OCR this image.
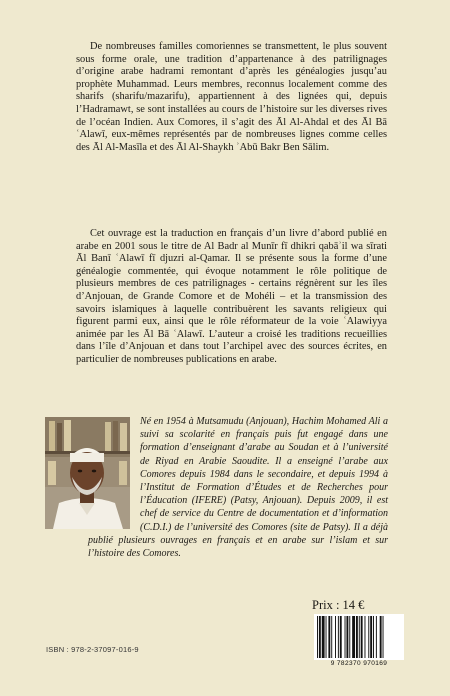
De nombreuses familles comoriennes se transmettent, le plus souvent sous forme orale, une tradition d’appartenance à des patrilignages d’origine arabe hadrami remontant d’après les généalogies jusqu’au prophète Muhammad. Leurs membres, reconnus localement comme des sharifs (sharifu/mazarifu), appartiennent à des lignées qui, depuis l’Hadramawt, se sont installées au cours de l’histoire sur les diverses rives de l’océan Indien. Aux Comores, il s’agit des Āl Al-Ahdal et des Āl Bā ʿAlawī, eux-mêmes représentés par de nombreuses lignes comme celles des Āl Al-Masīla et des Āl Al-Shaykh ʾAbū Bakr Ben Sālim.

Cet ouvrage est la traduction en français d’un livre d’abord publié en arabe en 2001 sous le titre de Al Badr al Munīr fī dhikri qabāʾil wa sīrati Āl Banī ʿAlawī fī djuzri al-Qamar. Il se présente sous la forme d’une généalogie commentée, qui évoque notamment le rôle politique de plusieurs membres de ces patrilignages - certains régnèrent sur les îles d’Anjouan, de Grande Comore et de Mohéli – et la transmission des savoirs islamiques à laquelle contribuèrent les savants religieux qui figurent parmi eux, ainsi que le rôle réformateur de la voie ʿAlawiyya animée par les Āl Bā ʿAlawī. L’auteur a croisé les traditions recueillies dans l’île d’Anjouan et dans tout l’archipel avec des sources écrites, en particulier de nombreuses publications en arabe.

Né en 1954 à Mutsamudu (Anjouan), Hachim Mohamed Ali a suivi sa scolarité en français puis fut engagé dans une formation d’enseignant d’arabe au Soudan et à l’université de Riyad en Arabie Saoudite. Il a enseigné l’arabe aux Comores depuis 1984 dans le secondaire, et depuis 1994 à l’Institut de Formation d’Études et de Recherches pour l’Éducation (IFERE) (Patsy, Anjouan). Depuis 2009, il est chef de service du Centre de documentation et d’information (C.D.I.) de l’université des Comores (site de Patsy). Il a déjà publié plusieurs ouvrages en français et en arabe sur l’islam et sur l’histoire des Comores.

Prix : 14 €
9 782370 970169
ISBN : 978-2-37097-016-9
